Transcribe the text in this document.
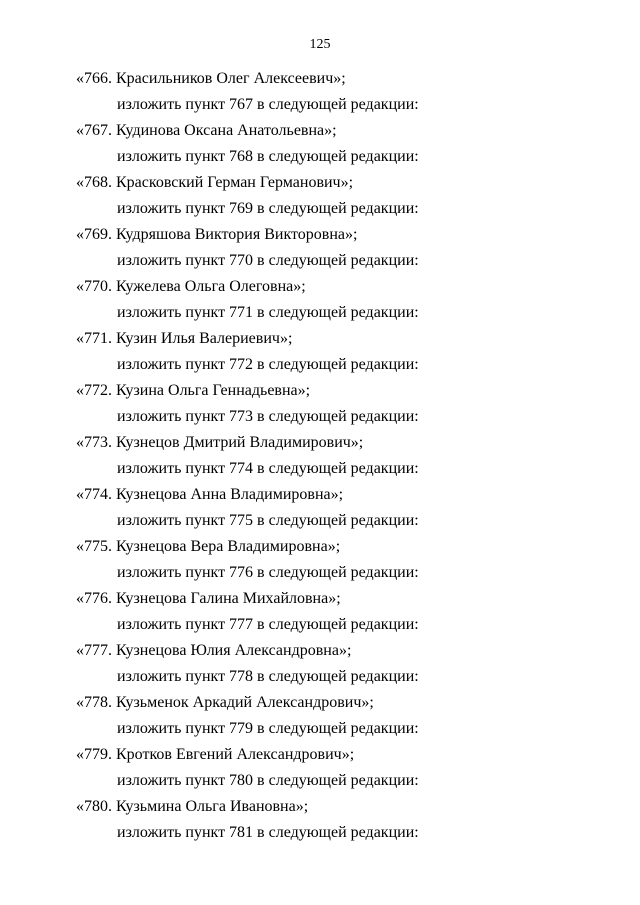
125
«766. Красильников Олег Алексеевич»;
изложить пункт 767 в следующей редакции:
«767. Кудинова Оксана Анатольевна»;
изложить пункт 768 в следующей редакции:
«768. Красковский Герман Германович»;
изложить пункт 769 в следующей редакции:
«769. Кудряшова Виктория Викторовна»;
изложить пункт 770 в следующей редакции:
«770. Кужелева Ольга Олеговна»;
изложить пункт 771 в следующей редакции:
«771. Кузин Илья Валериевич»;
изложить пункт 772 в следующей редакции:
«772. Кузина Ольга Геннадьевна»;
изложить пункт 773 в следующей редакции:
«773. Кузнецов Дмитрий Владимирович»;
изложить пункт 774 в следующей редакции:
«774. Кузнецова Анна Владимировна»;
изложить пункт 775 в следующей редакции:
«775. Кузнецова Вера Владимировна»;
изложить пункт 776 в следующей редакции:
«776. Кузнецова Галина Михайловна»;
изложить пункт 777 в следующей редакции:
«777. Кузнецова Юлия Александровна»;
изложить пункт 778 в следующей редакции:
«778. Кузьменок Аркадий Александрович»;
изложить пункт 779 в следующей редакции:
«779. Кротков Евгений Александрович»;
изложить пункт 780 в следующей редакции:
«780. Кузьмина Ольга Ивановна»;
изложить пункт 781 в следующей редакции:
